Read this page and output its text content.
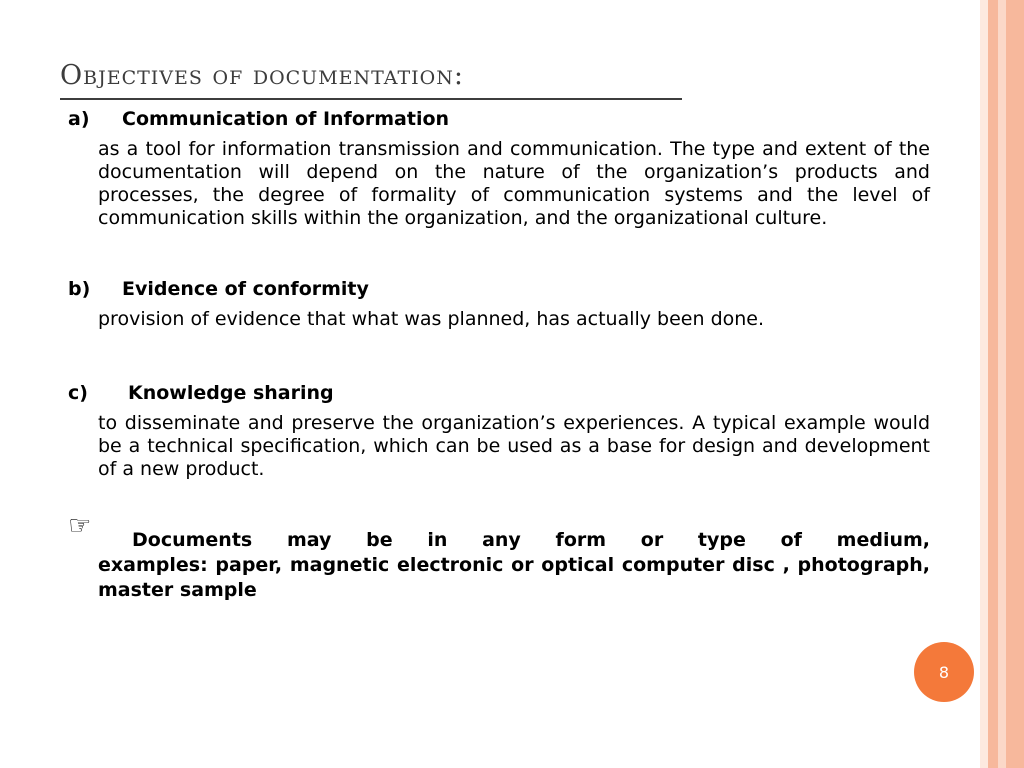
Objectives of documentation:
a)	Communication of Information
as a tool for information transmission and communication. The type and extent of the documentation will depend on the nature of the organization’s products and processes, the degree of formality of communication systems and the level of communication skills within the organization, and the organizational culture.
b)	Evidence of conformity
provision of evidence that what was planned, has actually been done.
c)	Knowledge sharing
to disseminate and preserve the organization’s experiences. A typical example would be a technical specification, which can be used as a base for design and development of a new product.
☞	Documents may be in any form or type of medium,
examples: paper, magnetic electronic or optical computer disc , photograph, master sample
8
